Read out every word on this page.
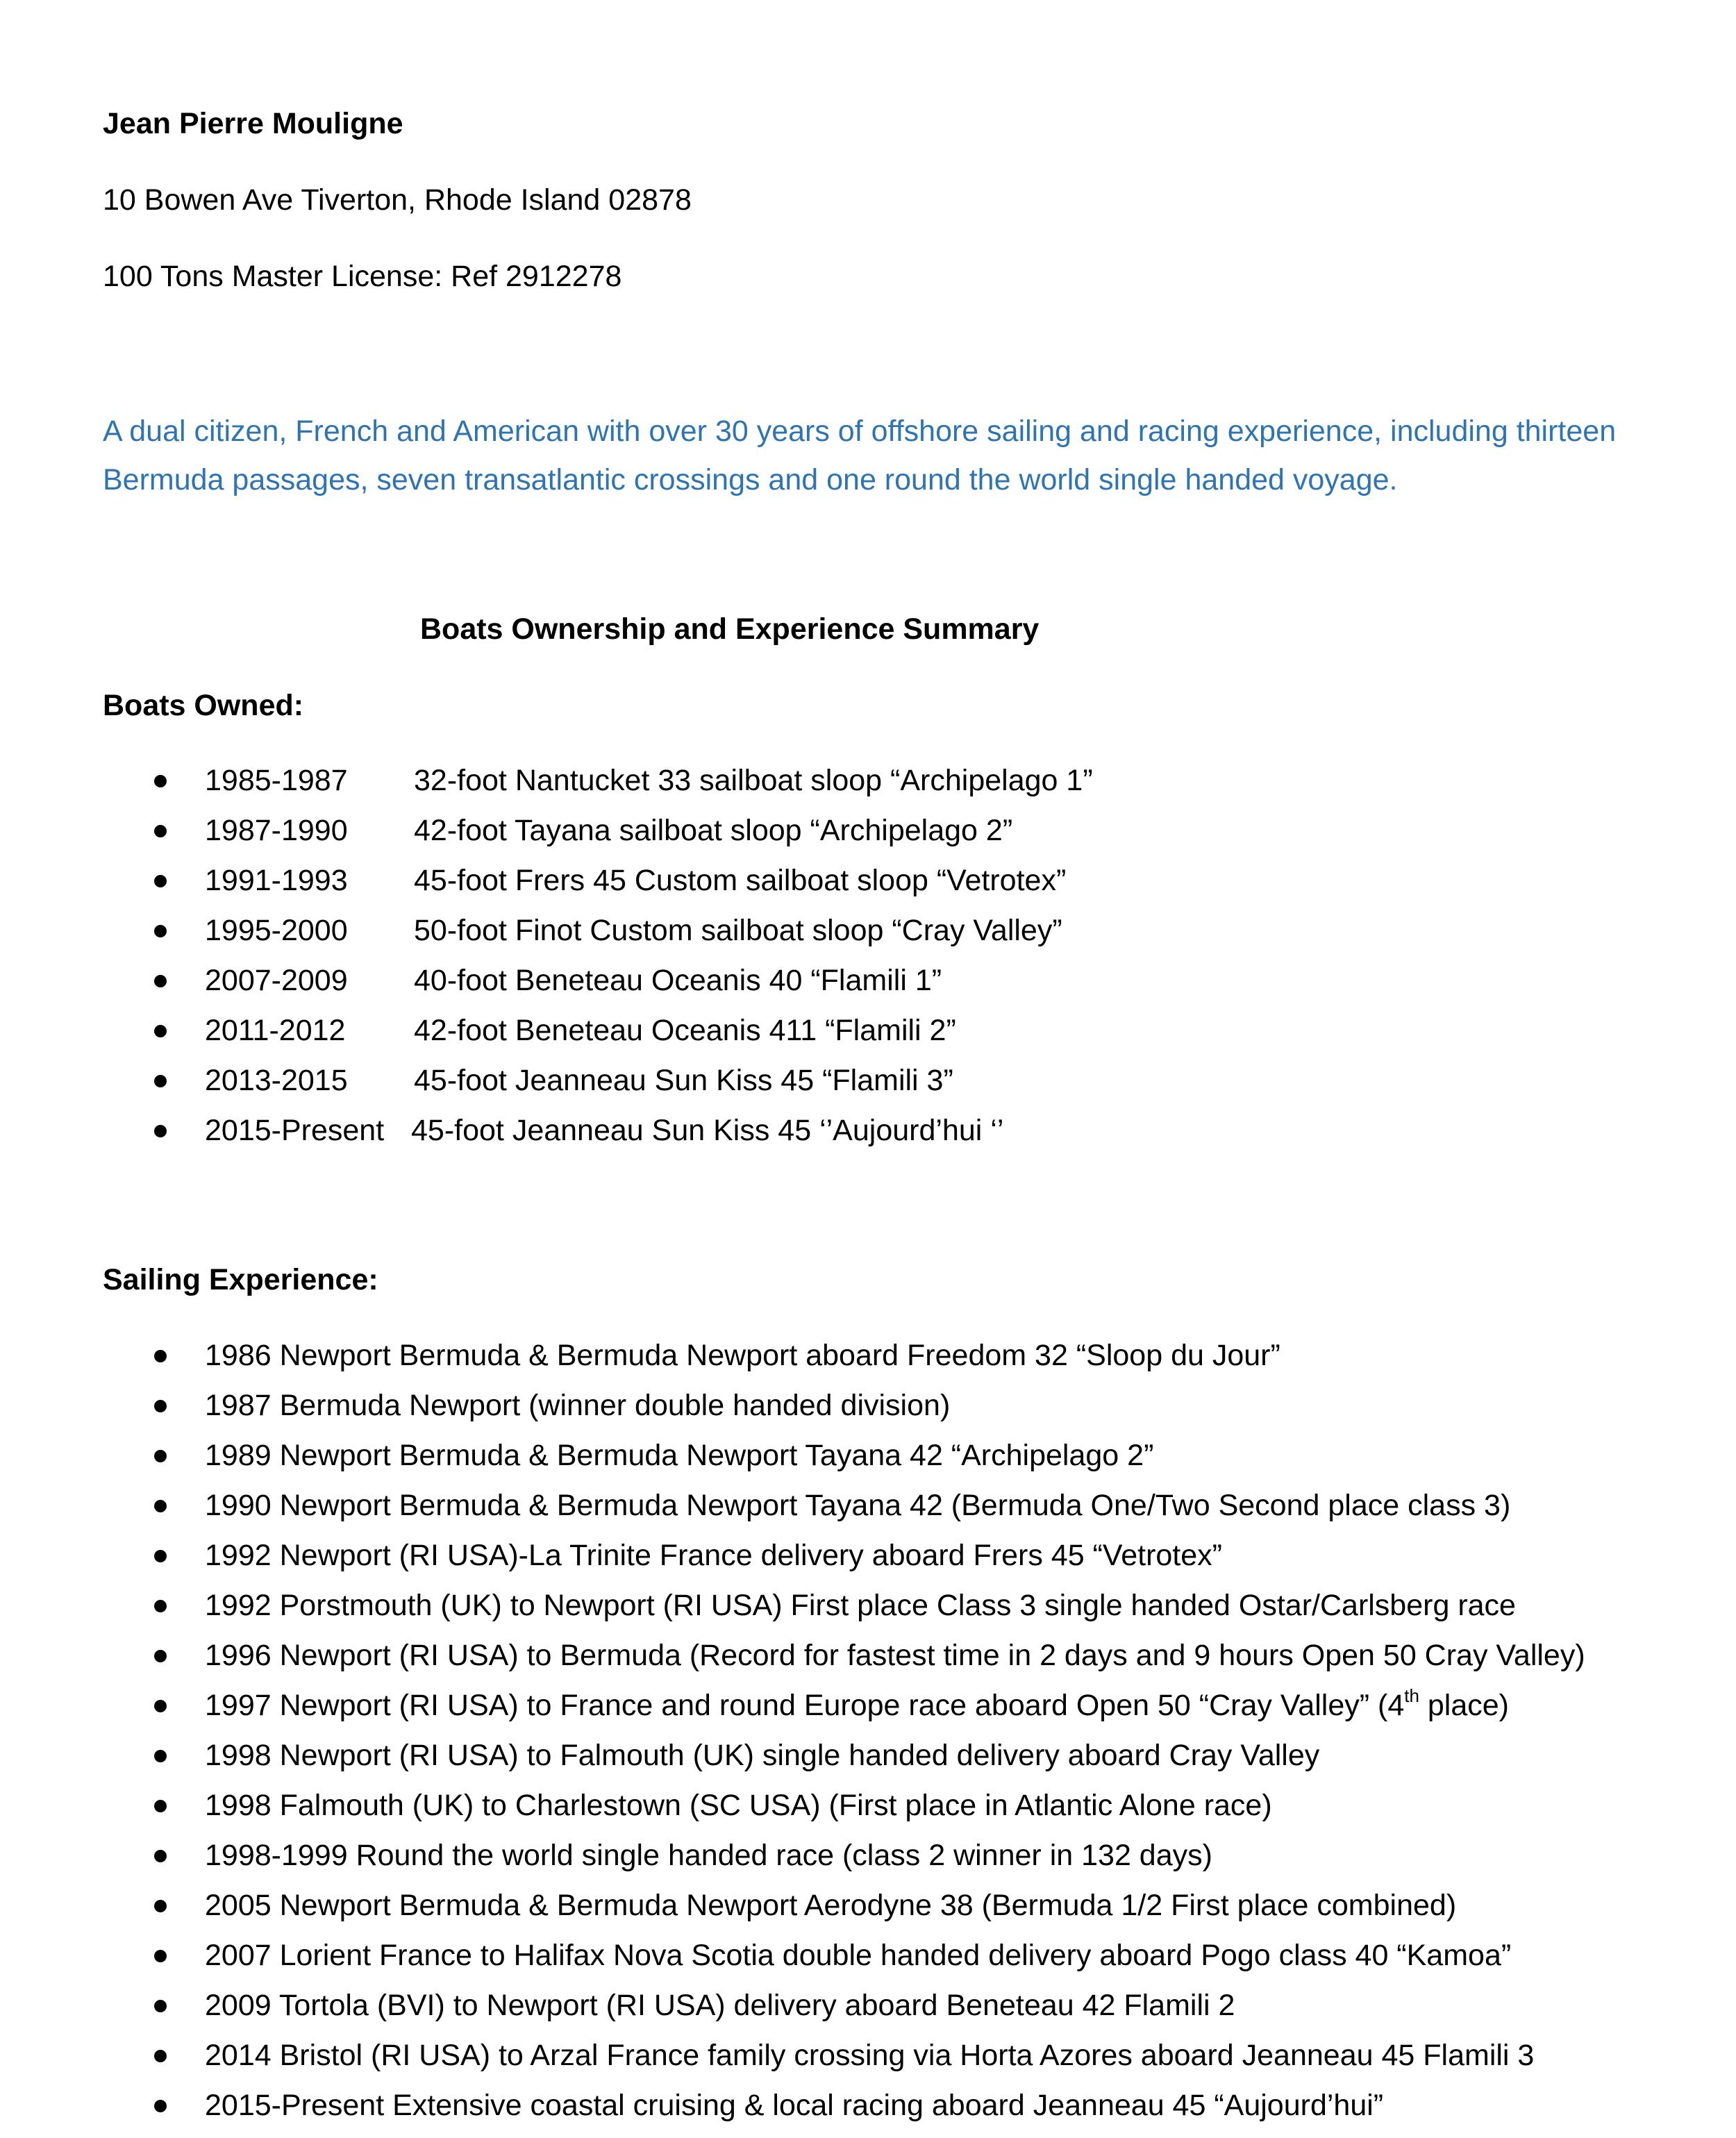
Jean Pierre Mouligne

10 Bowen Ave Tiverton, Rhode Island 02878

100 Tons Master License: Ref 2912278

A dual citizen, French and American with over 30 years of offshore sailing and racing experience, including thirteen Bermuda passages, seven transatlantic crossings and one round the world single handed voyage.

Boats Ownership and Experience Summary

Boats Owned:

1985-1987 32-foot Nantucket 33 sailboat sloop “Archipelago 1”
1987-1990 42-foot Tayana sailboat sloop “Archipelago 2”
1991-1993 45-foot Frers 45 Custom sailboat sloop “Vetrotex”
1995-2000 50-foot Finot Custom sailboat sloop “Cray Valley”
2007-2009 40-foot Beneteau Oceanis 40 “Flamili 1”
2011-2012 42-foot Beneteau Oceanis 411 “Flamili 2”
2013-2015 45-foot Jeanneau Sun Kiss 45 “Flamili 3”
2015-Present 45-foot Jeanneau Sun Kiss 45 ‘’Aujourd’hui ‘’

Sailing Experience:

1986 Newport Bermuda & Bermuda Newport aboard Freedom 32 “Sloop du Jour”
1987 Bermuda Newport (winner double handed division)
1989 Newport Bermuda & Bermuda Newport Tayana 42 “Archipelago 2”
1990 Newport Bermuda & Bermuda Newport Tayana 42 (Bermuda One/Two Second place class 3)
1992 Newport (RI USA)-La Trinite France delivery aboard Frers 45 “Vetrotex”
1992 Porstmouth (UK) to Newport (RI USA) First place Class 3 single handed Ostar/Carlsberg race
1996 Newport (RI USA) to Bermuda (Record for fastest time in 2 days and 9 hours Open 50 Cray Valley)
1997 Newport (RI USA) to France and round Europe race aboard Open 50 “Cray Valley” (4th place)
1998 Newport (RI USA) to Falmouth (UK) single handed delivery aboard Cray Valley
1998 Falmouth (UK) to Charlestown (SC USA) (First place in Atlantic Alone race)
1998-1999 Round the world single handed race (class 2 winner in 132 days)
2005 Newport Bermuda & Bermuda Newport Aerodyne 38 (Bermuda 1/2 First place combined)
2007 Lorient France to Halifax Nova Scotia double handed delivery aboard Pogo class 40 “Kamoa”
2009 Tortola (BVI) to Newport (RI USA) delivery aboard Beneteau 42 Flamili 2
2014 Bristol (RI USA) to Arzal France family crossing via Horta Azores aboard Jeanneau 45 Flamili 3
2015-Present Extensive coastal cruising & local racing aboard Jeanneau 45 “Aujourd’hui”
